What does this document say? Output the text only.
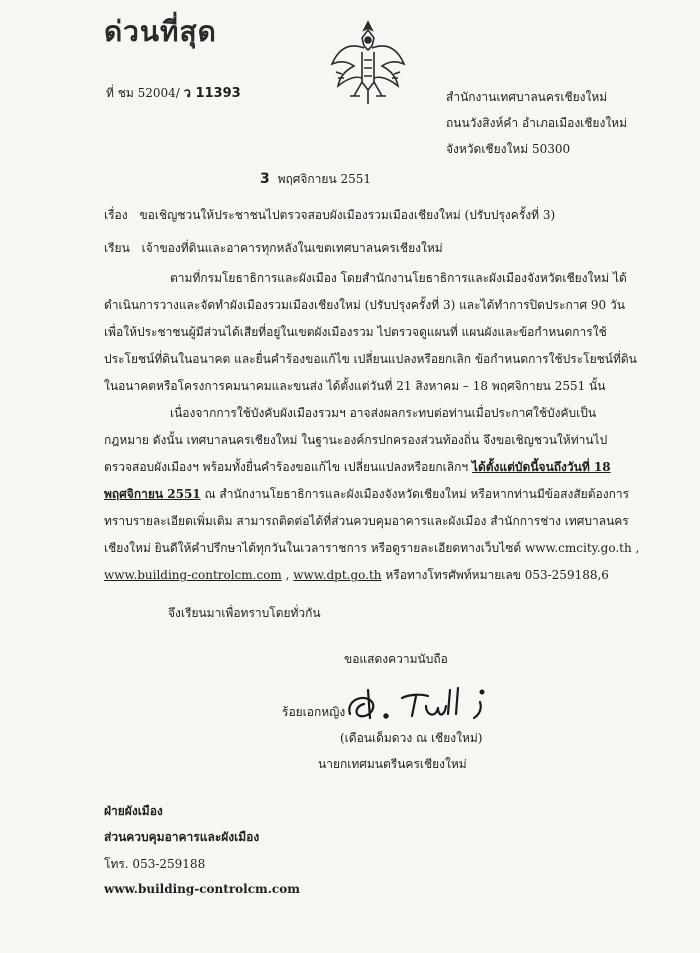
ด่วนที่สุด
ที่ ชม 52004/ ว 11393	สำนักงานเทศบาลนครเชียงใหม่
ถนนวังสิงห์คำ อำเภอเมืองเชียงใหม่
จังหวัดเชียงใหม่ 50300
3 พฤศจิกายน 2551
เรื่อง ขอเชิญชวนให้ประชาชนไปตรวจสอบผังเมืองรวมเมืองเชียงใหม่ (ปรับปรุงครั้งที่ 3)
เรียน เจ้าของที่ดินและอาคารทุกหลังในเขตเทศบาลนครเชียงใหม่
ตามที่กรมโยธาธิการและผังเมือง โดยสำนักงานโยธาธิการและผังเมืองจังหวัดเชียงใหม่ ได้
ดำเนินการวางและจัดทำผังเมืองรวมเมืองเชียงใหม่ (ปรับปรุงครั้งที่ 3) และได้ทำการปิดประกาศ 90 วัน
เพื่อให้ประชาชนผู้มีส่วนได้เสียที่อยู่ในเขตผังเมืองรวม ไปตรวจดูแผนที่ แผนผังและข้อกำหนดการใช้
ประโยชน์ที่ดินในอนาคต และยื่นคำร้องขอแก้ไข เปลี่ยนแปลงหรือยกเลิก ข้อกำหนดการใช้ประโยชน์ที่ดิน
ในอนาคตหรือโครงการคมนาคมและขนส่ง ได้ตั้งแต่วันที่ 21 สิงหาคม – 18 พฤศจิกายน 2551 นั้น
เนื่องจากการใช้บังคับผังเมืองรวมฯ อาจส่งผลกระทบต่อท่านเมื่อประกาศใช้บังคับเป็น
กฎหมาย ดังนั้น เทศบาลนครเชียงใหม่ ในฐานะองค์กรปกครองส่วนท้องถิ่น จึงขอเชิญชวนให้ท่านไป
ตรวจสอบผังเมืองฯ พร้อมทั้งยื่นคำร้องขอแก้ไข เปลี่ยนแปลงหรือยกเลิกฯ ได้ตั้งแต่บัดนี้จนถึงวันที่ 18
พฤศจิกายน 2551 ณ สำนักงานโยธาธิการและผังเมืองจังหวัดเชียงใหม่ หรือหากท่านมีข้อสงสัยต้องการ
ทราบรายละเอียดเพิ่มเติม สามารถติดต่อได้ที่ส่วนควบคุมอาคารและผังเมือง สำนักการช่าง เทศบาลนคร
เชียงใหม่ ยินดีให้คำปรึกษาได้ทุกวันในเวลาราชการ หรือดูรายละเอียดทางเว็บไซต์ www.cmcity.go.th ,
www.building-controlcm.com , www.dpt.go.th หรือทางโทรศัพท์หมายเลข 053-259188,6
จึงเรียนมาเพื่อทราบโดยทั่วกัน
ขอแสดงความนับถือ
ร้อยเอกหญิง
(เดือนเด็มดวง ณ เชียงใหม่)
นายกเทศมนตรีนครเชียงใหม่
ฝ่ายผังเมือง
ส่วนควบคุมอาคารและผังเมือง
โทร. 053-259188
www.building-controlcm.com
